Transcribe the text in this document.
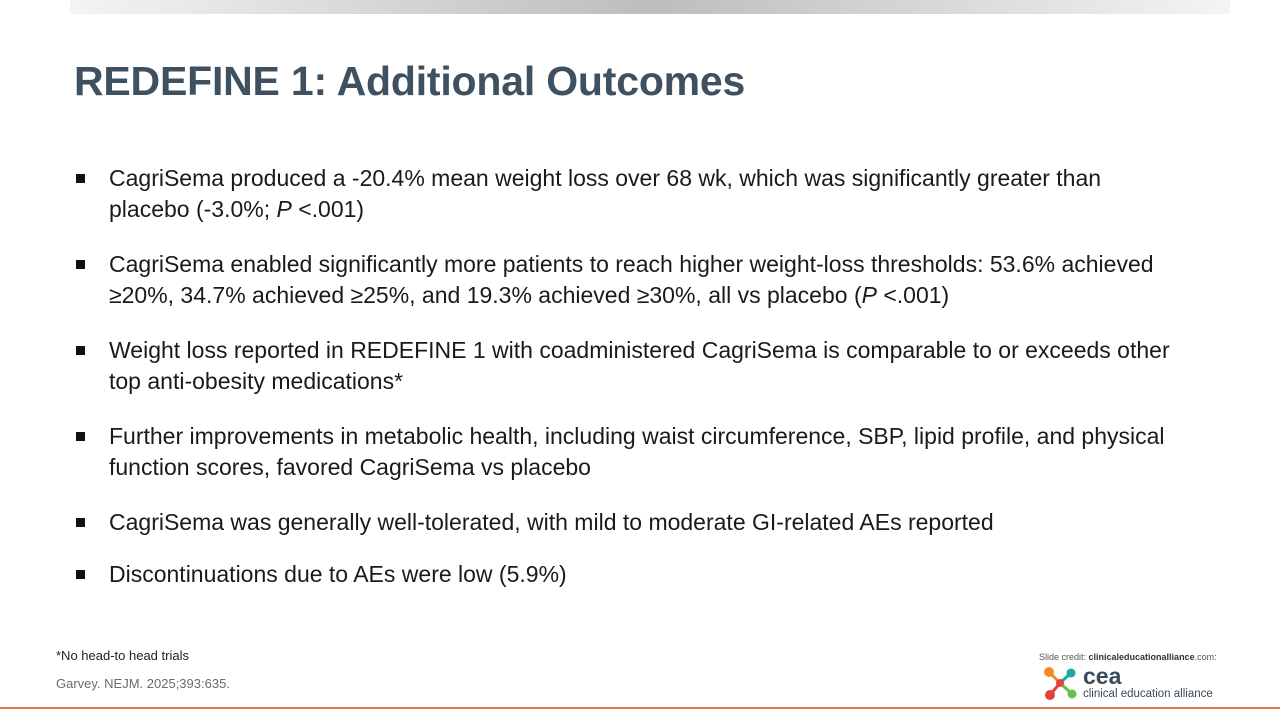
REDEFINE 1: Additional Outcomes
CagriSema produced a -20.4% mean weight loss over 68 wk, which was significantly greater than placebo (-3.0%; P <.001)
CagriSema enabled significantly more patients to reach higher weight-loss thresholds: 53.6% achieved ≥20%, 34.7% achieved ≥25%, and 19.3% achieved ≥30%, all vs placebo (P <.001)
Weight loss reported in REDEFINE 1 with coadministered CagriSema is comparable to or exceeds other top anti-obesity medications*
Further improvements in metabolic health, including waist circumference, SBP, lipid profile, and physical function scores, favored CagriSema vs placebo
CagriSema was generally well-tolerated, with mild to moderate GI-related AEs reported
Discontinuations due to AEs were low (5.9%)
*No head-to head trials
Garvey. NEJM. 2025;393:635.
Slide credit: clinicaleducationalliance.com:
cea
clinical education alliance
